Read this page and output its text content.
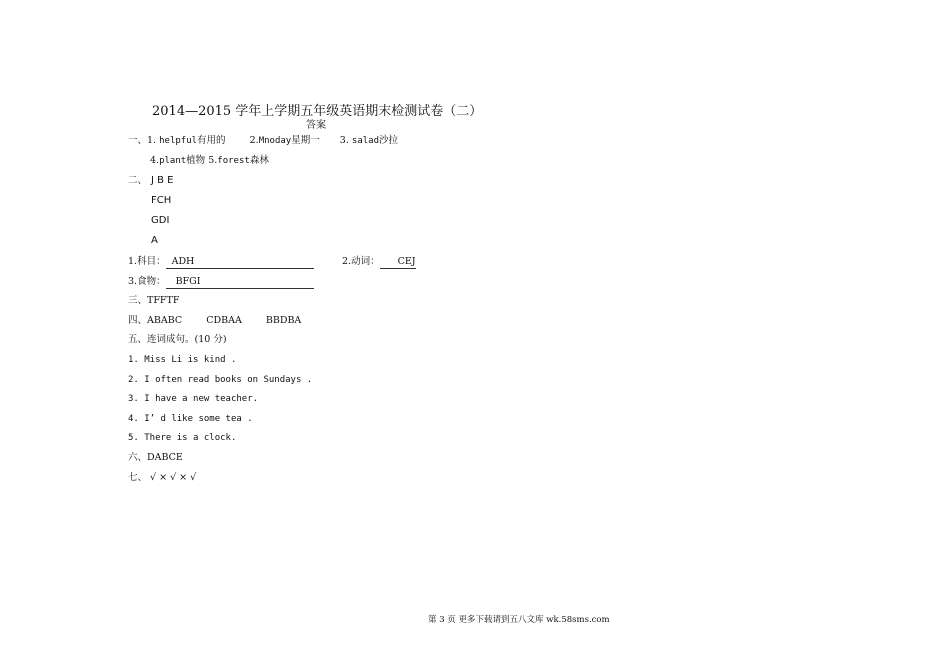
2014—2015 学年上学期五年级英语期末检测试卷（二）
答案
一、1. helpful有用的	2.Mnoday星期一 3. salad沙拉
4.plant植物 5.forest森林
二、 J B E
FCH
GDI
A
1.科目： ADH	2.动词： CEJ
3.食物： BFGI
三、TFFTF
四、ABABC	CDBAA	BBDBA
五、连词成句。(10 分)
1. Miss Li is kind .
2. I often read books on Sundays .
3. I have a new teacher.
4. I’ d like some tea .
5. There is a clock.
六、DABCE
七、 √ × √ × √
第 3 页 更多下载请到五八文库 wk.58sms.com
